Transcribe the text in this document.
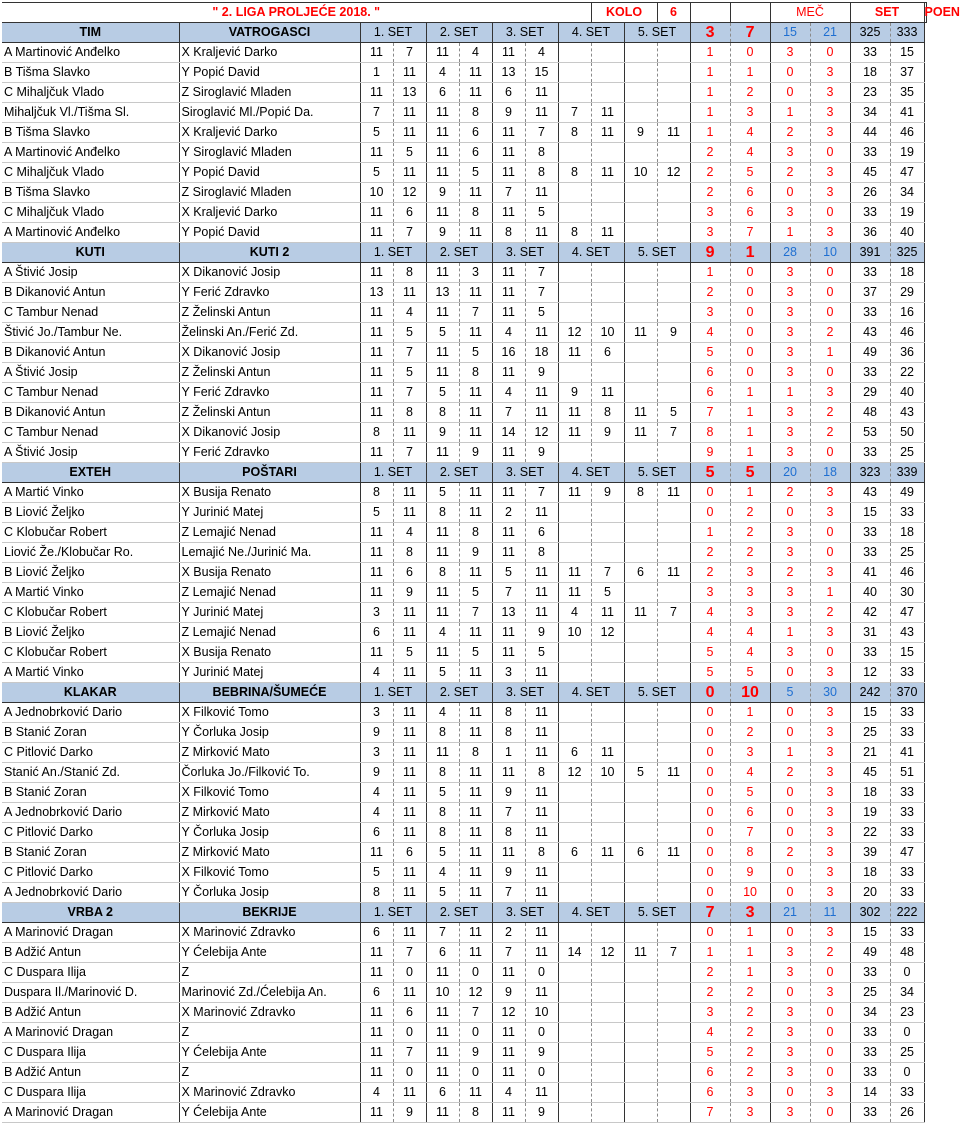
" 2. LIGA PROLJEĆE 2018. "									KOLO		6			MEČ		SET		POEN
TIM	VATROGASCI	1. SET		2. SET		3. SET		4. SET		5. SET		3	7	15	21	325	333	
A Martinović Anđelko	X Kraljević Darko	11	7	11	4	11	4					1	0	3	0	33	15	
B Tišma Slavko	Y Popić David	1	11	4	11	13	15					1	1	0	3	18	37	
C Mihaljčuk Vlado	Z Siroglavić Mladen	11	13	6	11	6	11					1	2	0	3	23	35	
Mihaljčuk Vl./Tišma Sl.	Siroglavić Ml./Popić Da.	7	11	11	8	9	11	7	11			1	3	1	3	34	41	
B Tišma Slavko	X Kraljević Darko	5	11	11	6	11	7	8	11	9	11	1	4	2	3	44	46	
A Martinović Anđelko	Y Siroglavić Mladen	11	5	11	6	11	8					2	4	3	0	33	19	
C Mihaljčuk Vlado	Y Popić David	5	11	11	5	11	8	8	11	10	12	2	5	2	3	45	47	
B Tišma Slavko	Z Siroglavić Mladen	10	12	9	11	7	11					2	6	0	3	26	34	
C Mihaljčuk Vlado	X Kraljević Darko	11	6	11	8	11	5					3	6	3	0	33	19	
A Martinović Anđelko	Y Popić David	11	7	9	11	8	11	8	11			3	7	1	3	36	40	
KUTI	KUTI 2	1. SET		2. SET		3. SET		4. SET		5. SET		9	1	28	10	391	325	
A Štivić Josip	X Dikanović Josip	11	8	11	3	11	7					1	0	3	0	33	18	
B Dikanović Antun	Y Ferić Zdravko	13	11	13	11	11	7					2	0	3	0	37	29	
C Tambur Nenad	Z Želinski Antun	11	4	11	7	11	5					3	0	3	0	33	16	
Štivić Jo./Tambur Ne.	Želinski An./Ferić Zd.	11	5	5	11	4	11	12	10	11	9	4	0	3	2	43	46	
B Dikanović Antun	X Dikanović Josip	11	7	11	5	16	18	11	6			5	0	3	1	49	36	
A Štivić Josip	Z Želinski Antun	11	5	11	8	11	9					6	0	3	0	33	22	
C Tambur Nenad	Y Ferić Zdravko	11	7	5	11	4	11	9	11			6	1	1	3	29	40	
B Dikanović Antun	Z Želinski Antun	11	8	8	11	7	11	11	8	11	5	7	1	3	2	48	43	
C Tambur Nenad	X Dikanović Josip	8	11	9	11	14	12	11	9	11	7	8	1	3	2	53	50	
A Štivić Josip	Y Ferić Zdravko	11	7	11	9	11	9					9	1	3	0	33	25	
EXTEH	POŠTARI	1. SET		2. SET		3. SET		4. SET		5. SET		5	5	20	18	323	339	
A Martić Vinko	X Busija Renato	8	11	5	11	11	7	11	9	8	11	0	1	2	3	43	49	
B Liović Željko	Y Jurinić Matej	5	11	8	11	2	11					0	2	0	3	15	33	
C Klobučar Robert	Z Lemajić Nenad	11	4	11	8	11	6					1	2	3	0	33	18	
Liović Že./Klobučar Ro.	Lemajić Ne./Jurinić Ma.	11	8	11	9	11	8					2	2	3	0	33	25	
B Liović Željko	X Busija Renato	11	6	8	11	5	11	11	7	6	11	2	3	2	3	41	46	
A Martić Vinko	Z Lemajić Nenad	11	9	11	5	7	11	11	5			3	3	3	1	40	30	
C Klobučar Robert	Y Jurinić Matej	3	11	11	7	13	11	4	11	11	7	4	3	3	2	42	47	
B Liović Željko	Z Lemajić Nenad	6	11	4	11	11	9	10	12			4	4	1	3	31	43	
C Klobučar Robert	X Busija Renato	11	5	11	5	11	5					5	4	3	0	33	15	
A Martić Vinko	Y Jurinić Matej	4	11	5	11	3	11					5	5	0	3	12	33	
KLAKAR	BEBRINA/ŠUMEĆE	1. SET		2. SET		3. SET		4. SET		5. SET		0	10	5	30	242	370	
A Jednobrković Dario	X Filković Tomo	3	11	4	11	8	11					0	1	0	3	15	33	
B Stanić Zoran	Y Čorluka Josip	9	11	8	11	8	11					0	2	0	3	25	33	
C Pitlović Darko	Z Mirković Mato	3	11	11	8	1	11	6	11			0	3	1	3	21	41	
Stanić An./Stanić Zd.	Čorluka Jo./Filković To.	9	11	8	11	11	8	12	10	5	11	0	4	2	3	45	51	
B Stanić Zoran	X Filković Tomo	4	11	5	11	9	11					0	5	0	3	18	33	
A Jednobrković Dario	Z Mirković Mato	4	11	8	11	7	11					0	6	0	3	19	33	
C Pitlović Darko	Y Čorluka Josip	6	11	8	11	8	11					0	7	0	3	22	33	
B Stanić Zoran	Z Mirković Mato	11	6	5	11	11	8	6	11	6	11	0	8	2	3	39	47	
C Pitlović Darko	X Filković Tomo	5	11	4	11	9	11					0	9	0	3	18	33	
A Jednobrković Dario	Y Čorluka Josip	8	11	5	11	7	11					0	10	0	3	20	33	
VRBA 2	BEKRIJE	1. SET		2. SET		3. SET		4. SET		5. SET		7	3	21	11	302	222	
A Marinović Dragan	X Marinović Zdravko	6	11	7	11	2	11					0	1	0	3	15	33	
B Adžić Antun	Y Ćelebija Ante	11	7	6	11	7	11	14	12	11	7	1	1	3	2	49	48	
C Duspara Ilija	Z	11	0	11	0	11	0					2	1	3	0	33	0	
Duspara Il./Marinović D.	Marinović Zd./Ćelebija An.	6	11	10	12	9	11					2	2	0	3	25	34	
B Adžić Antun	X Marinović Zdravko	11	6	11	7	12	10					3	2	3	0	34	23	
A Marinović Dragan	Z	11	0	11	0	11	0					4	2	3	0	33	0	
C Duspara Ilija	Y Ćelebija Ante	11	7	11	9	11	9					5	2	3	0	33	25	
B Adžić Antun	Z	11	0	11	0	11	0					6	2	3	0	33	0	
C Duspara Ilija	X Marinović Zdravko	4	11	6	11	4	11					6	3	0	3	14	33	
A Marinović Dragan	Y Ćelebija Ante	11	9	11	8	11	9					7	3	3	0	33	26	
